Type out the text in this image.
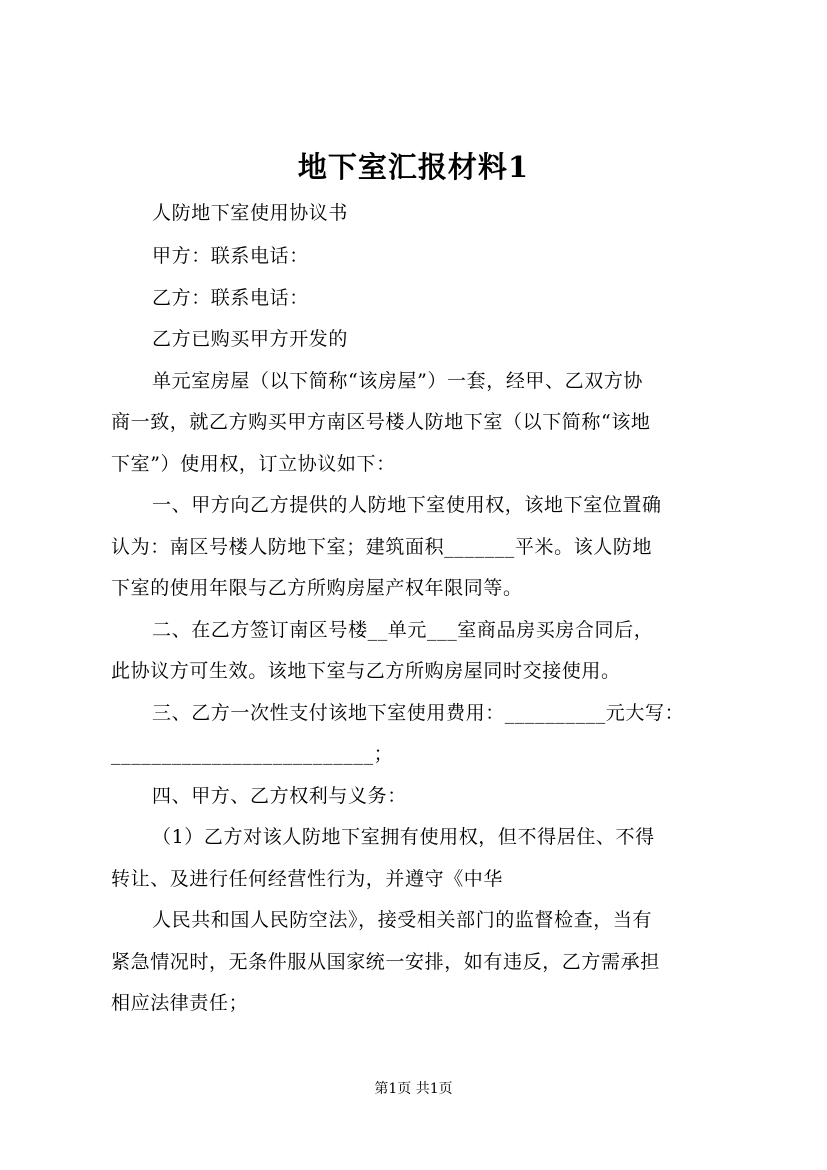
地下室汇报材料1
人防地下室使用协议书
甲方：联系电话：
乙方：联系电话：
乙方已购买甲方开发的
单元室房屋（以下简称“该房屋”）一套，经甲、乙双方协
商一致，就乙方购买甲方南区号楼人防地下室（以下简称“该地
下室”）使用权，订立协议如下：
一、甲方向乙方提供的人防地下室使用权，该地下室位置确
认为：南区号楼人防地下室；建筑面积_______平米。该人防地
下室的使用年限与乙方所购房屋产权年限同等。
二、在乙方签订南区号楼__单元___室商品房买房合同后，
此协议方可生效。该地下室与乙方所购房屋同时交接使用。
三、乙方一次性支付该地下室使用费用：__________元大写：
__________________________；
四、甲方、乙方权利与义务：
（1）乙方对该人防地下室拥有使用权，但不得居住、不得
转让、及进行任何经营性行为，并遵守《中华
人民共和国人民防空法》，接受相关部门的监督检查，当有
紧急情况时，无条件服从国家统一安排，如有违反，乙方需承担
相应法律责任；
第1页 共1页
